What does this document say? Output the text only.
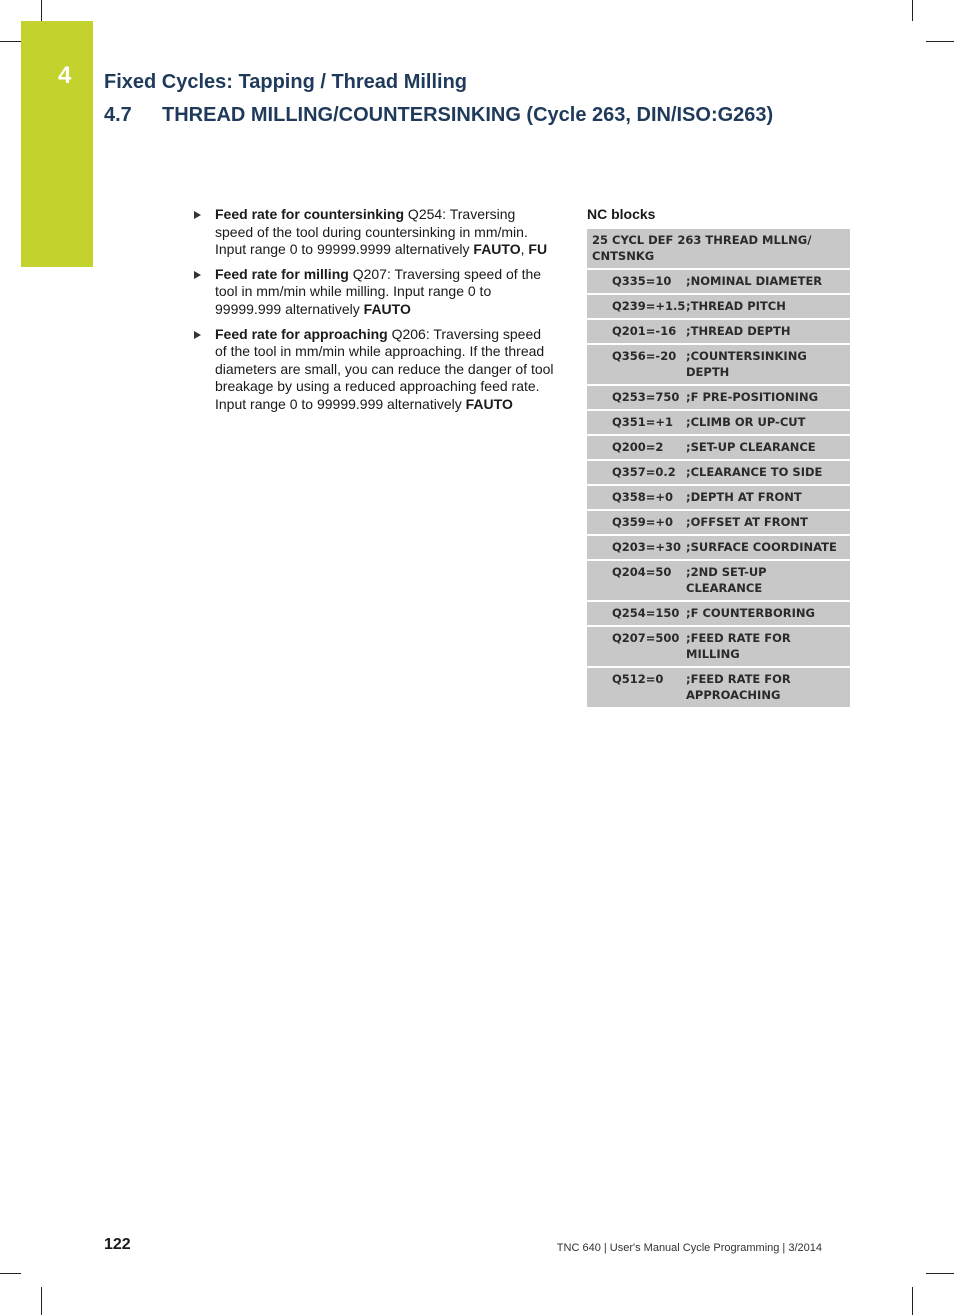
4 Fixed Cycles: Tapping / Thread Milling
4.7 THREAD MILLING/COUNTERSINKING (Cycle 263, DIN/ISO:G263)
Feed rate for countersinking Q254: Traversing speed of the tool during countersinking in mm/min. Input range 0 to 99999.9999 alternatively FAUTO, FU
Feed rate for milling Q207: Traversing speed of the tool in mm/min while milling. Input range 0 to 99999.999 alternatively FAUTO
Feed rate for approaching Q206: Traversing speed of the tool in mm/min while approaching. If the thread diameters are small, you can reduce the danger of tool breakage by using a reduced approaching feed rate. Input range 0 to 99999.999 alternatively FAUTO
NC blocks
25 CYCL DEF 263 THREAD MLLNG/ CNTSNKG	
Q335=10	;NOMINAL DIAMETER
Q239=+1.5	;THREAD PITCH
Q201=-16	;THREAD DEPTH
Q356=-20	;COUNTERSINKING DEPTH
Q253=750	;F PRE-POSITIONING
Q351=+1	;CLIMB OR UP-CUT
Q200=2	;SET-UP CLEARANCE
Q357=0.2	;CLEARANCE TO SIDE
Q358=+0	;DEPTH AT FRONT
Q359=+0	;OFFSET AT FRONT
Q203=+30	;SURFACE COORDINATE
Q204=50	;2ND SET-UP CLEARANCE
Q254=150	;F COUNTERBORING
Q207=500	;FEED RATE FOR MILLING
Q512=0	;FEED RATE FOR APPROACHING
122	TNC 640 | User's Manual Cycle Programming | 3/2014
